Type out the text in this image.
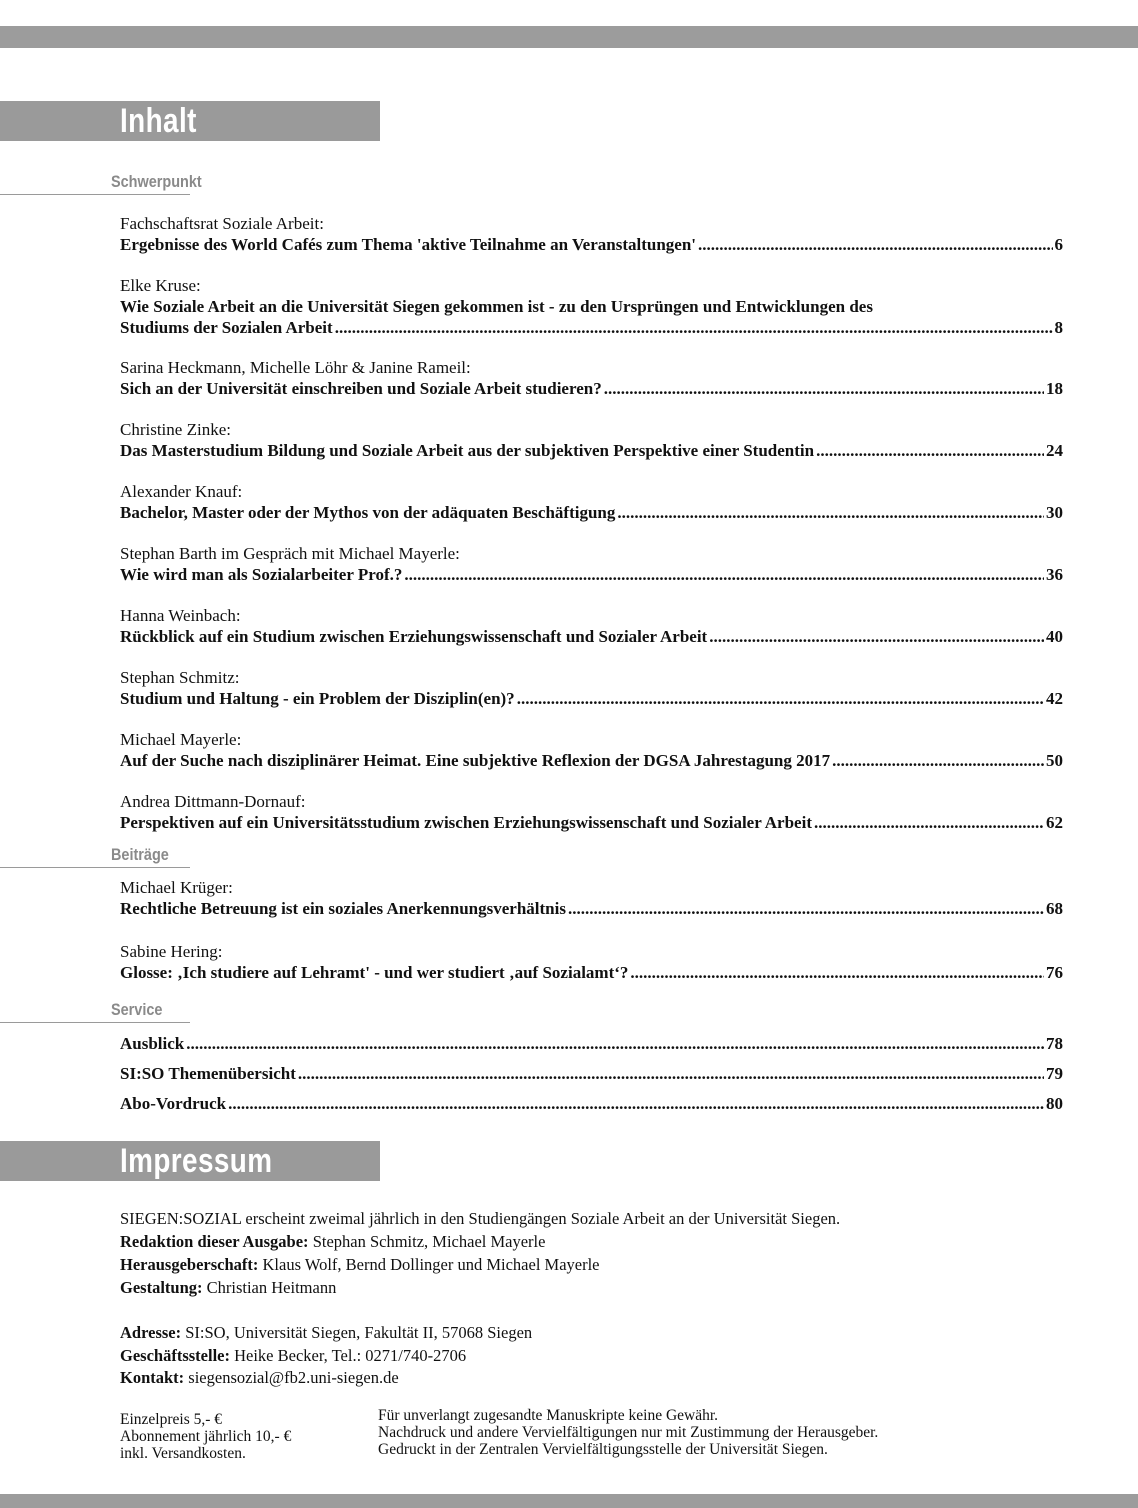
Inhalt
Schwerpunkt
Fachschaftsrat Soziale Arbeit:
Ergebnisse des World Cafés zum Thema 'aktive Teilnahme an Veranstaltungen' .....	6
Elke Kruse:
Wie Soziale Arbeit an die Universität Siegen gekommen ist - zu den Ursprüngen und Entwicklungen des
Studiums der Sozialen Arbeit .....	8
Sarina Heckmann, Michelle Löhr & Janine Rameil:
Sich an der Universität einschreiben und Soziale Arbeit studieren? .....	18
Christine Zinke:
Das Masterstudium Bildung und Soziale Arbeit aus der subjektiven Perspektive einer Studentin .....	24
Alexander Knauf:
Bachelor, Master oder der Mythos von der adäquaten Beschäftigung .....	30
Stephan Barth im Gespräch mit Michael Mayerle:
Wie wird man als Sozialarbeiter Prof.? .....	36
Hanna Weinbach:
Rückblick auf ein Studium zwischen Erziehungswissenschaft und Sozialer Arbeit .....	40
Stephan Schmitz:
Studium und Haltung - ein Problem der Disziplin(en)? .....	42
Michael Mayerle:
Auf der Suche nach disziplinärer Heimat. Eine subjektive Reflexion der DGSA Jahrestagung 2017 .....	50
Andrea Dittmann-Dornauf:
Perspektiven auf ein Universitätsstudium zwischen Erziehungswissenschaft und Sozialer Arbeit .....	62
Beiträge
Michael Krüger:
Rechtliche Betreuung ist ein soziales Anerkennungsverhältnis .....	68
Sabine Hering:
Glosse: ‚Ich studiere auf Lehramt' - und wer studiert ‚auf Sozialamt‘? .....	76
Service
Ausblick .....	78
SI:SO Themenübersicht .....	79
Abo-Vordruck .....	80
Impressum
SIEGEN:SOZIAL erscheint zweimal jährlich in den Studiengängen Soziale Arbeit an der Universität Siegen.
Redaktion dieser Ausgabe: Stephan Schmitz, Michael Mayerle
Herausgeberschaft: Klaus Wolf, Bernd Dollinger und Michael Mayerle
Gestaltung: Christian Heitmann
Adresse: SI:SO, Universität Siegen, Fakultät II, 57068 Siegen
Geschäftsstelle: Heike Becker, Tel.: 0271/740-2706
Kontakt: siegensozial@fb2.uni-siegen.de
Einzelpreis 5,- €
Abonnement jährlich 10,- €
inkl. Versandkosten.
Für unverlangt zugesandte Manuskripte keine Gewähr.
Nachdruck und andere Vervielfältigungen nur mit Zustimmung der Herausgeber.
Gedruckt in der Zentralen Vervielfältigungsstelle der Universität Siegen.
